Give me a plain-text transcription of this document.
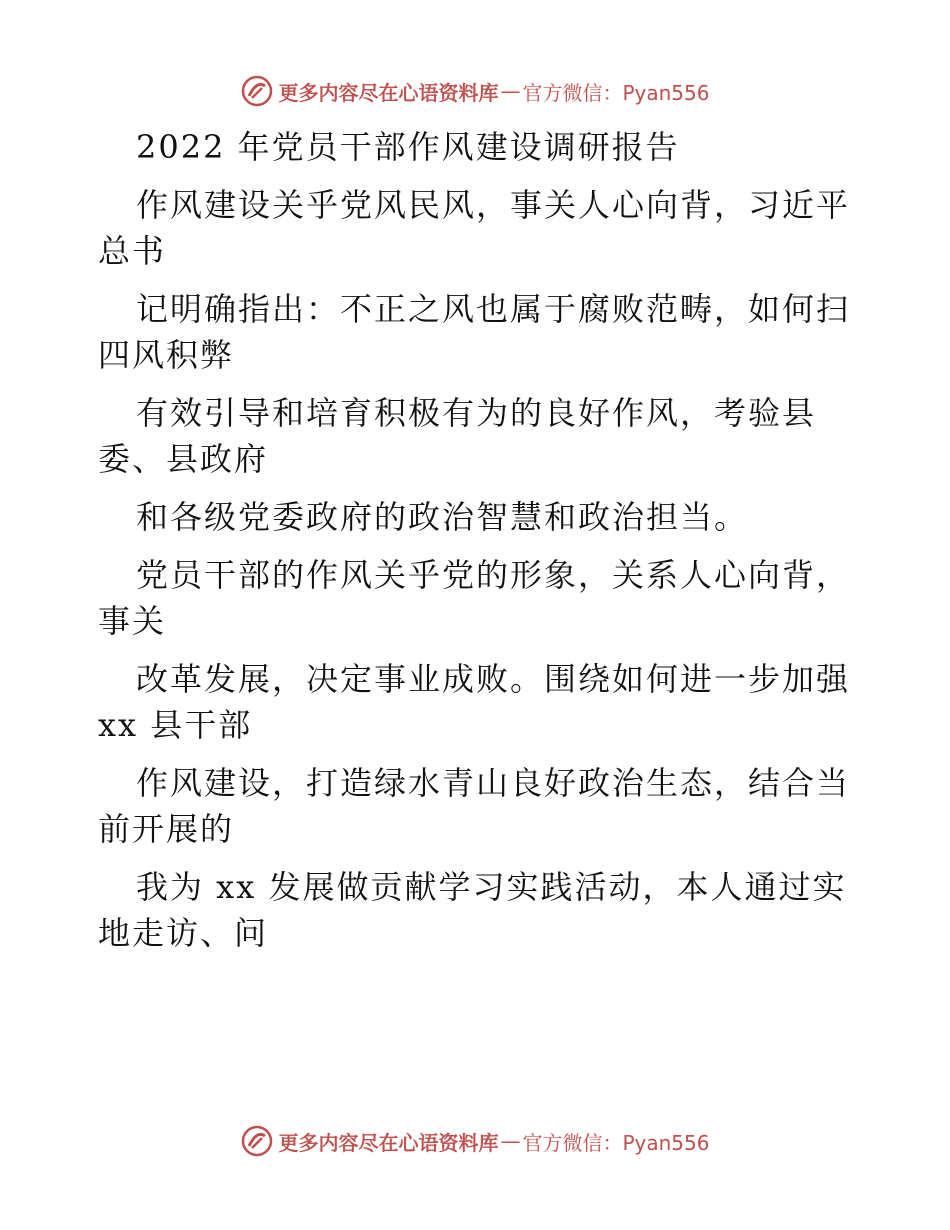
更多内容尽在心语资料库 — 官方微信：Pyan556
2022 年党员干部作风建设调研报告
作风建设关乎党风民风，事关人心向背，习近平
总书
记明确指出：不正之风也属于腐败范畴，如何扫
四风积弊
有效引导和培育积极有为的良好作风，考验县
委、县政府
和各级党委政府的政治智慧和政治担当。
党员干部的作风关乎党的形象，关系人心向背，
事关
改革发展，决定事业成败。围绕如何进一步加强
xx 县干部
作风建设，打造绿水青山良好政治生态，结合当
前开展的
我为 xx 发展做贡献学习实践活动，本人通过实
地走访、问
更多内容尽在心语资料库 — 官方微信：Pyan556
